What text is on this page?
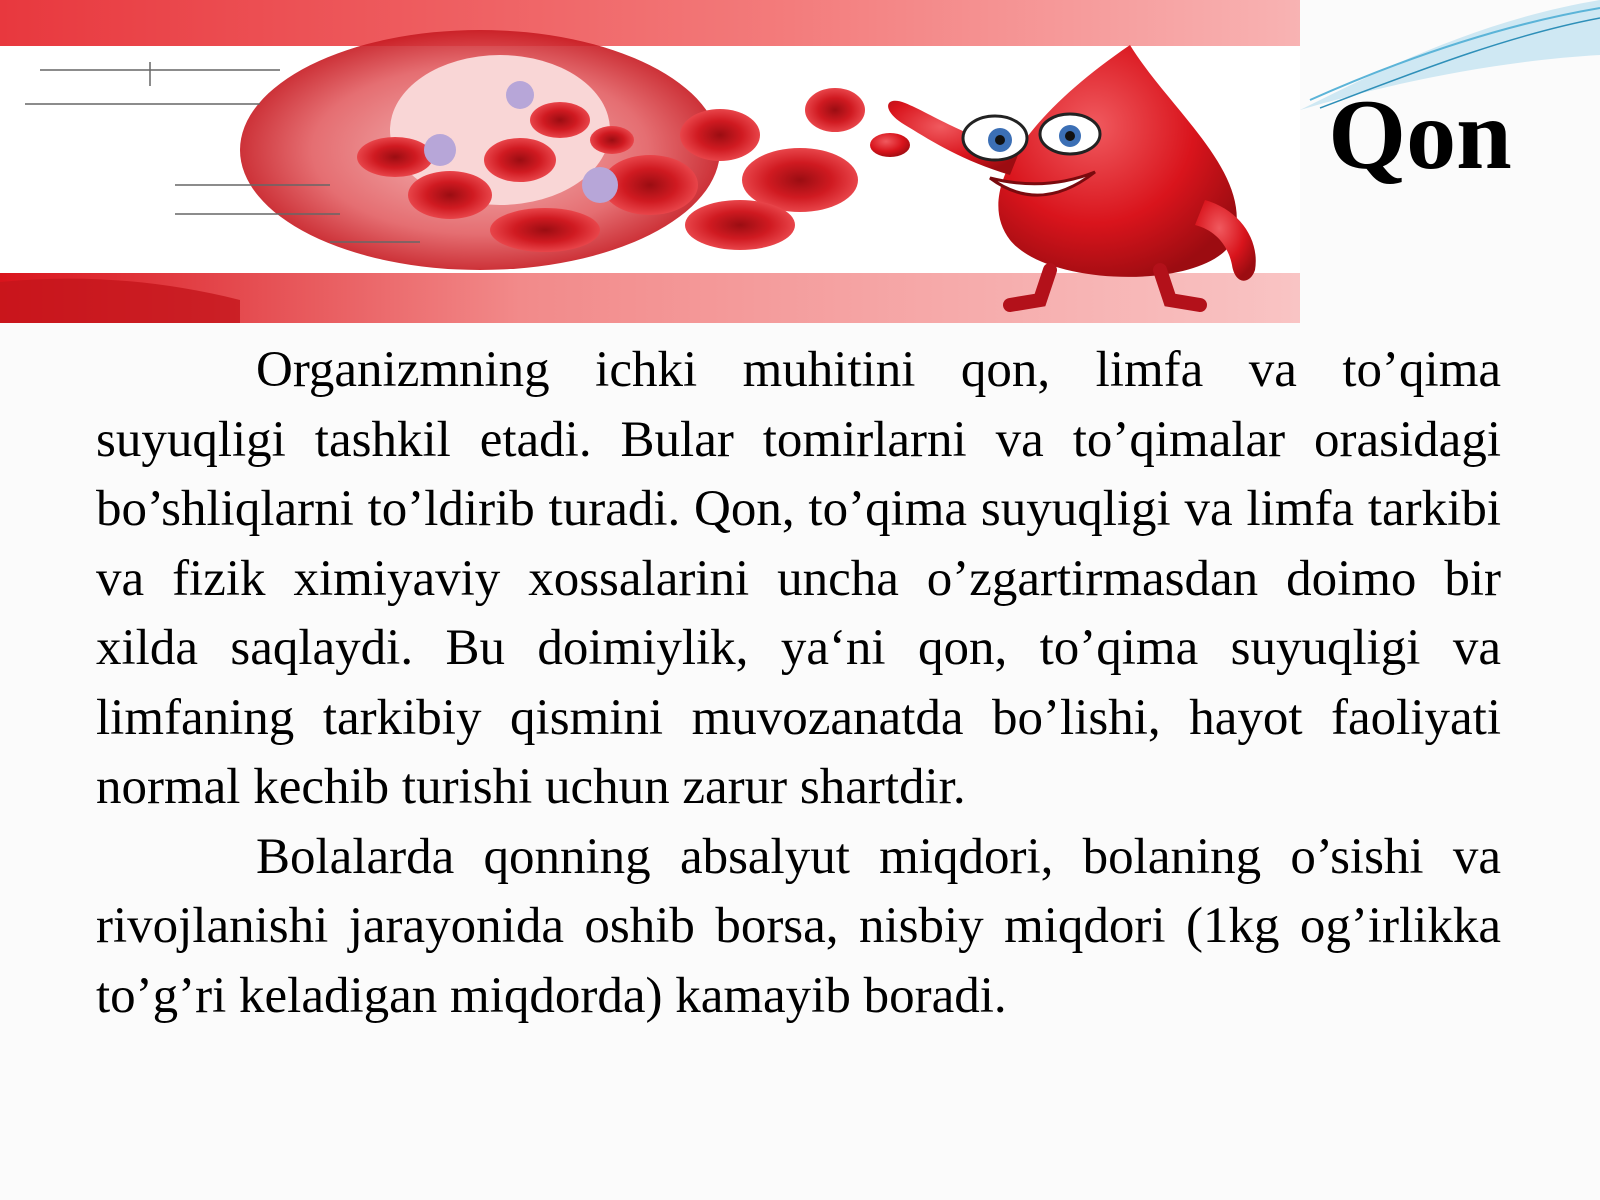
Qon

Organizmning ichki muhitini qon, limfa va to’qima suyuqligi tashkil etadi. Bular tomirlarni va to’qimalar orasidagi bo’shliqlarni to’ldirib turadi. Qon, to’qima suyuqligi va limfa tarkibi va fizik ximiyaviy xossalarini uncha o’zgartirmasdan doimo bir xilda saqlaydi. Bu doimiylik, ya‘ni qon, to’qima suyuqligi va limfaning tarkibiy qismini muvozanatda bo’lishi, hayot faoliyati normal kechib turishi uchun zarur shartdir.

Bolalarda qonning absalyut miqdori, bolaning o’sishi va rivojlanishi jarayonida oshib borsa, nisbiy miqdori (1kg og’irlikka to’g’ri keladigan miqdorda) kamayib boradi.
